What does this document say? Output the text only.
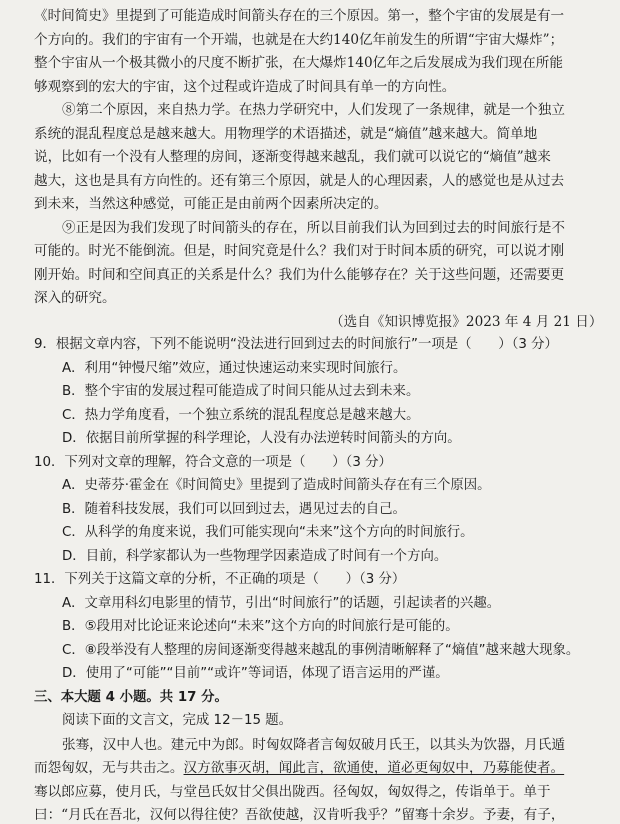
《时间简史》里提到了可能造成时间箭头存在的三个原因。第一，整个宇宙的发展是有一
个方向的。我们的宇宙有一个开端，也就是在大约140亿年前发生的所谓“宇宙大爆炸”；
整个宇宙从一个极其微小的尺度不断扩张，在大爆炸140亿年之后发展成为我们现在所能
够观察到的宏大的宇宙，这个过程或许造成了时间具有单一的方向性。
⑧第二个原因，来自热力学。在热力学研究中，人们发现了一条规律，就是一个独立
系统的混乱程度总是越来越大。用物理学的术语描述，就是“熵值”越来越大。简单地
说，比如有一个没有人整理的房间，逐渐变得越来越乱，我们就可以说它的“熵值”越来
越大，这也是具有方向性的。还有第三个原因，就是人的心理因素，人的感觉也是从过去
到未来，当然这种感觉，可能正是由前两个因素所决定的。
⑨正是因为我们发现了时间箭头的存在，所以目前我们认为回到过去的时间旅行是不
可能的。时光不能倒流。但是，时间究竟是什么？我们对于时间本质的研究，可以说才刚
刚开始。时间和空间真正的关系是什么？我们为什么能够存在？关于这些问题，还需要更
深入的研究。
（选自《知识博览报》2023 年 4 月 21 日）
9．根据文章内容，下列不能说明“没法进行回到过去的时间旅行”一项是（　　）（3 分）
A．利用“钟慢尺缩”效应，通过快速运动来实现时间旅行。
B．整个宇宙的发展过程可能造成了时间只能从过去到未来。
C．热力学角度看，一个独立系统的混乱程度总是越来越大。
D．依据目前所掌握的科学理论，人没有办法逆转时间箭头的方向。
10．下列对文章的理解，符合文意的一项是（　　）（3 分）
A．史蒂芬·霍金在《时间简史》里提到了造成时间箭头存在有三个原因。
B．随着科技发展，我们可以回到过去，遇见过去的自己。
C．从科学的角度来说，我们可能实现向“未来”这个方向的时间旅行。
D．目前，科学家都认为一些物理学因素造成了时间有一个方向。
11．下列关于这篇文章的分析，不正确的项是（　　）（3 分）
A．文章用科幻电影里的情节，引出“时间旅行”的话题，引起读者的兴趣。
B．⑤段用对比论证来论述向“未来”这个方向的时间旅行是可能的。
C．⑧段举没有人整理的房间逐渐变得越来越乱的事例清晰解释了“熵值”越来越大现象。
D．使用了“可能”“目前”“或许”等词语，体现了语言运用的严谨。
三、本大题 4 小题。共 17 分。
阅读下面的文言文，完成 12－15 题。
张骞，汉中人也。建元中为郎。时匈奴降者言匈奴破月氏王，以其头为饮器，月氏遁
而怨匈奴，无与共击之。汉方欲事灭胡，闻此言，欲通使，道必更匈奴中，乃募能使者。
骞以郎应募，使月氏，与堂邑氏奴甘父俱出陇西。径匈奴，匈奴得之，传诣单于。单于
曰：“月氏在吾北，汉何以得往使？吾欲使越，汉肯听我乎？”留骞十余岁。予妻，有子，
